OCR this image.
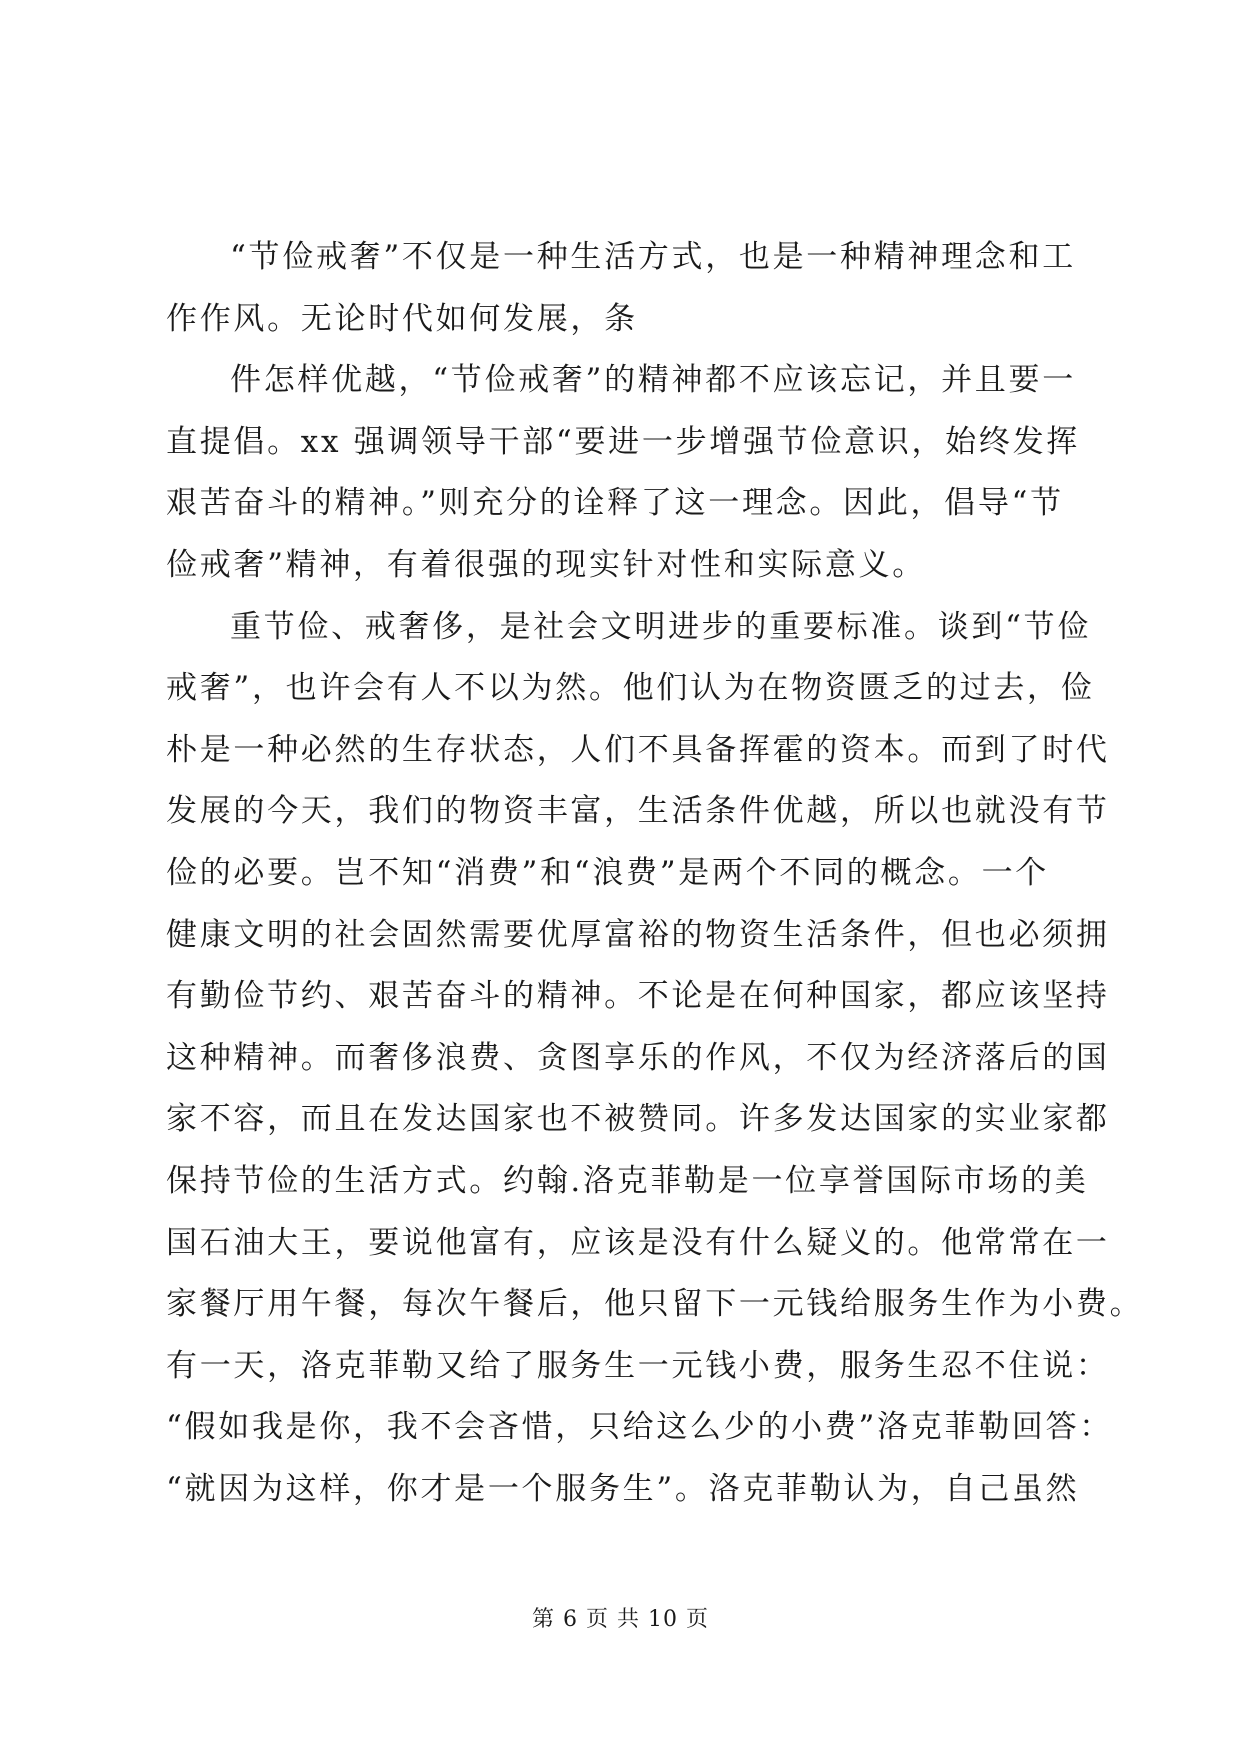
“节俭戒奢”不仅是一种生活方式，也是一种精神理念和工
作作风。无论时代如何发展，条
件怎样优越，“节俭戒奢”的精神都不应该忘记，并且要一
直提倡。xx 强调领导干部“要进一步增强节俭意识，始终发挥
艰苦奋斗的精神。”则充分的诠释了这一理念。因此，倡导“节
俭戒奢”精神，有着很强的现实针对性和实际意义。
重节俭、戒奢侈，是社会文明进步的重要标准。谈到“节俭
戒奢”，也许会有人不以为然。他们认为在物资匮乏的过去，俭
朴是一种必然的生存状态，人们不具备挥霍的资本。而到了时代
发展的今天，我们的物资丰富，生活条件优越，所以也就没有节
俭的必要。岂不知“消费”和“浪费”是两个不同的概念。一个
健康文明的社会固然需要优厚富裕的物资生活条件，但也必须拥
有勤俭节约、艰苦奋斗的精神。不论是在何种国家，都应该坚持
这种精神。而奢侈浪费、贪图享乐的作风，不仅为经济落后的国
家不容，而且在发达国家也不被赞同。许多发达国家的实业家都
保持节俭的生活方式。约翰.洛克菲勒是一位享誉国际市场的美
国石油大王，要说他富有，应该是没有什么疑义的。他常常在一
家餐厅用午餐，每次午餐后，他只留下一元钱给服务生作为小费。
有一天，洛克菲勒又给了服务生一元钱小费，服务生忍不住说：
“假如我是你，我不会吝惜，只给这么少的小费”洛克菲勒回答：
“就因为这样，你才是一个服务生”。洛克菲勒认为，自己虽然
第 6 页 共 10 页
